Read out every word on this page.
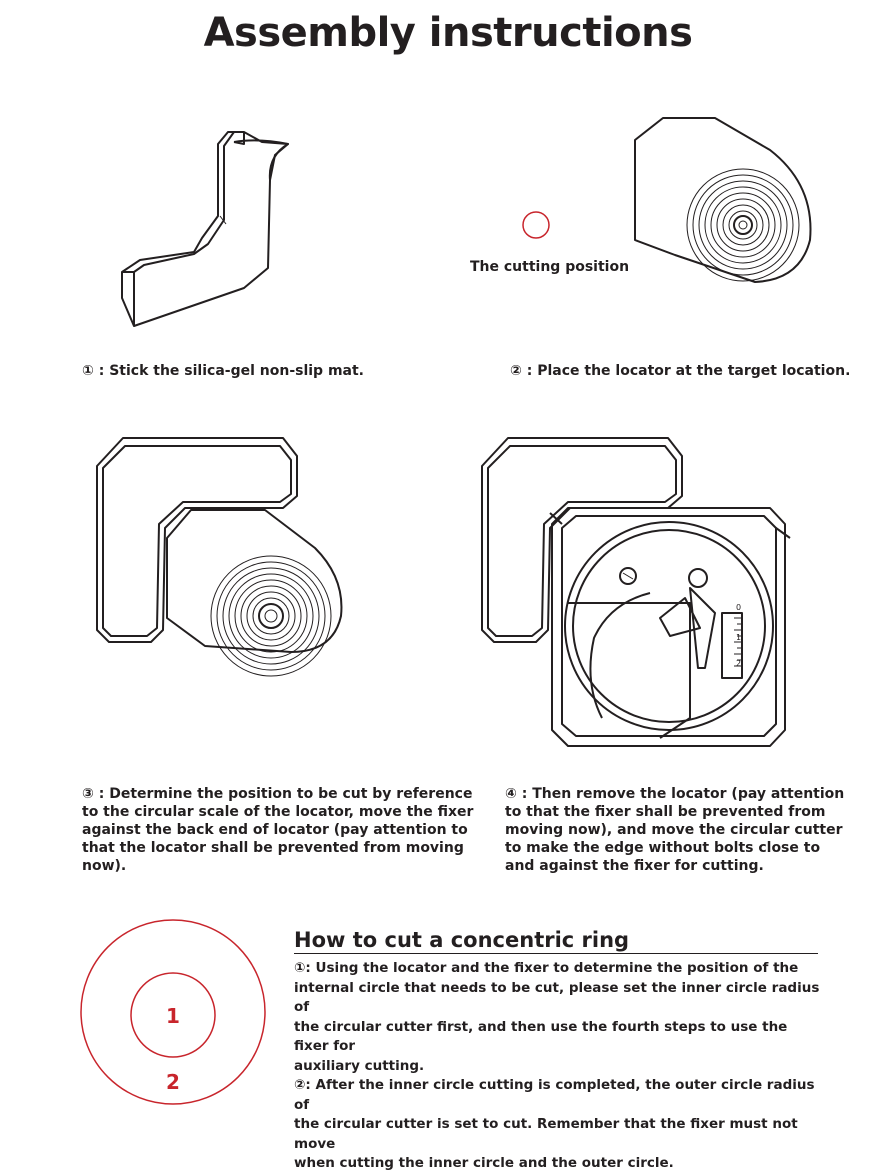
Assembly instructions
The cutting position
① : Stick the silica-gel non-slip mat.	② : Place the locator at the target location.
0
1
2

③ : Determine the position to be cut by reference

to the circular scale of the locator, move the fixer

against the back end of locator (pay attention to

that the locator shall be prevented from moving

now).

④ : Then remove the locator (pay attention

to that the fixer shall be prevented from

moving now), and move the circular cutter

to make the edge without bolts close to

and against the fixer for cutting.

1
2
How to cut a concentric ring

①: Using the locator and the fixer to determine the position of the

internal circle that needs to be cut, please set the inner circle radius of

the circular cutter first, and then use the fourth steps to use the fixer for

auxiliary cutting.

②: After the inner circle cutting is completed, the outer circle radius of

the circular cutter is set to cut. Remember that the fixer must not move

when cutting the inner circle and the outer circle.
